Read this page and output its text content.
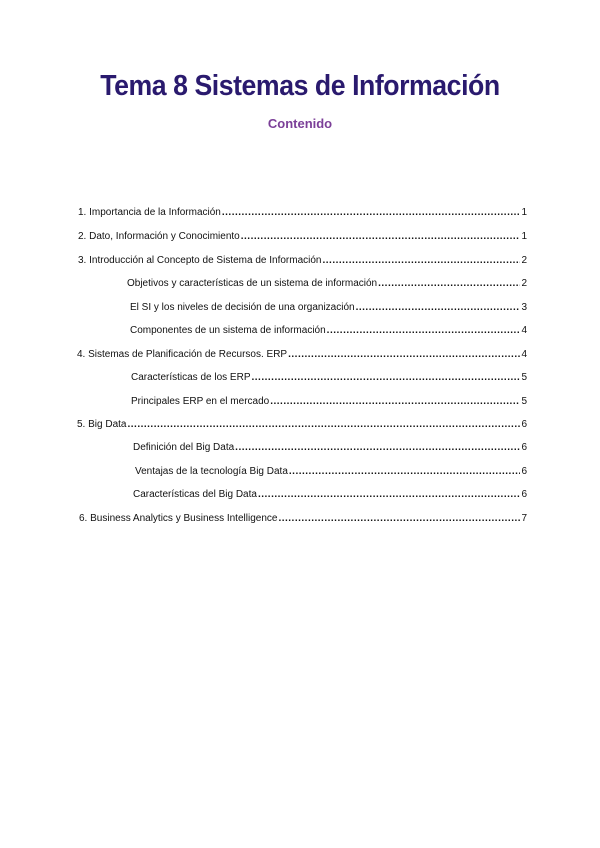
Tema 8 Sistemas de Información
Contenido
1. Importancia de la Información .....	1
2. Dato, Información y Conocimiento .....	1
3. Introducción al Concepto de Sistema de Información .....	2
Objetivos y características de un sistema de información .....	2
El SI y los niveles de decisión de una organización .....	3
Componentes de un sistema de información .....	4
4. Sistemas de Planificación de Recursos. ERP .....	4
Características de los ERP .....	5
Principales ERP en el mercado .....	5
5. Big Data .....	6
Definición del Big Data .....	6
Ventajas de la tecnología Big Data .....	6
Características del Big Data .....	6
6. Business Analytics y Business Intelligence .....	7
